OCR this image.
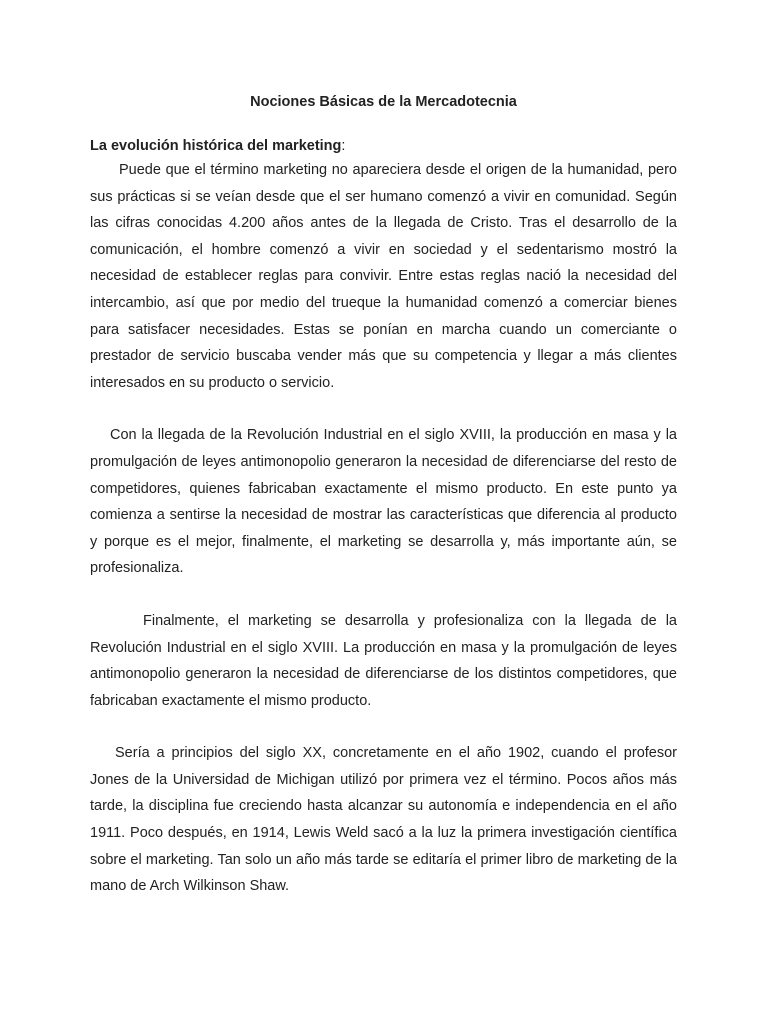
Nociones Básicas de la Mercadotecnia
La evolución histórica del marketing:

Puede que el término marketing no apareciera desde el origen de la humanidad, pero sus prácticas si se veían desde que el ser humano comenzó a vivir en comunidad. Según las cifras conocidas 4.200 años antes de la llegada de Cristo. Tras el desarrollo de la comunicación, el hombre comenzó a vivir en sociedad y el sedentarismo mostró la necesidad de establecer reglas para convivir. Entre estas reglas nació la necesidad del intercambio, así que por medio del trueque la humanidad comenzó a comerciar bienes para satisfacer necesidades. Estas se ponían en marcha cuando un comerciante o prestador de servicio buscaba vender más que su competencia y llegar a más clientes interesados en su producto o servicio.

Con la llegada de la Revolución Industrial en el siglo XVIII, la producción en masa y la promulgación de leyes antimonopolio generaron la necesidad de diferenciarse del resto de competidores, quienes fabricaban exactamente el mismo producto. En este punto ya comienza a sentirse la necesidad de mostrar las características que diferencia al producto y porque es el mejor, finalmente, el marketing se desarrolla y, más importante aún, se profesionaliza.

Finalmente, el marketing se desarrolla y profesionaliza con la llegada de la Revolución Industrial en el siglo XVIII. La producción en masa y la promulgación de leyes antimonopolio generaron la necesidad de diferenciarse de los distintos competidores, que fabricaban exactamente el mismo producto.

Sería a principios del siglo XX, concretamente en el año 1902, cuando el profesor Jones de la Universidad de Michigan utilizó por primera vez el término. Pocos años más tarde, la disciplina fue creciendo hasta alcanzar su autonomía e independencia en el año 1911. Poco después, en 1914, Lewis Weld sacó a la luz la primera investigación científica sobre el marketing. Tan solo un año más tarde se editaría el primer libro de marketing de la mano de Arch Wilkinson Shaw.
